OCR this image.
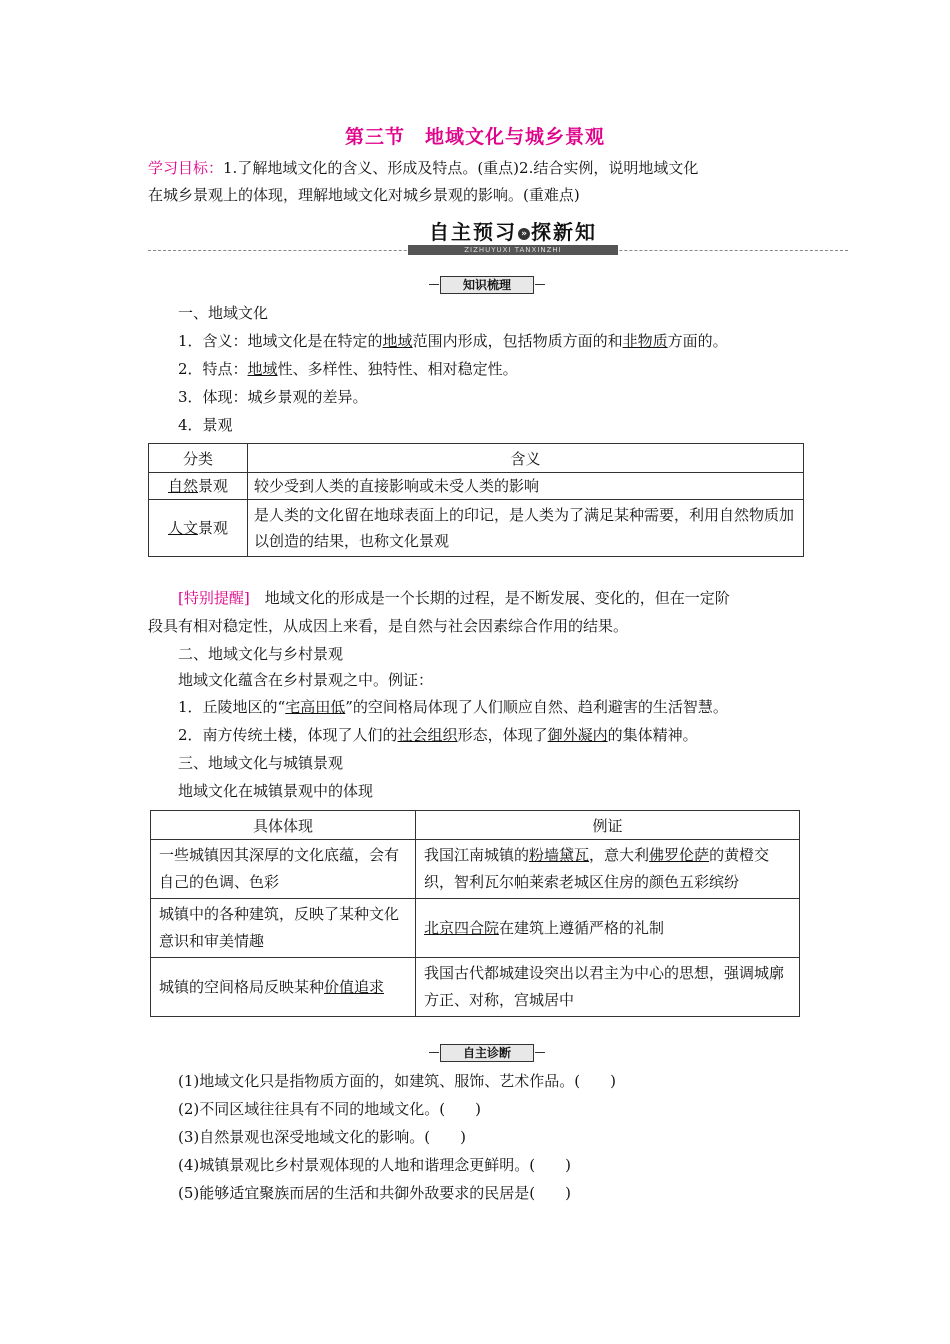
第三节　地域文化与城乡景观
学习目标：1.了解地域文化的含义、形成及特点。(重点)2.结合实例，说明地域文化
在城乡景观上的体现，理解地域文化对城乡景观的影响。(重难点)
自主预习 » 探新知
ZIZHUYUXI TANXINZHI
知识梳理
一、地域文化
1．含义：地域文化是在特定的地域范围内形成，包括物质方面的和非物质方面的。
2．特点：地域性、多样性、独特性、相对稳定性。
3．体现：城乡景观的差异。
4．景观
分类	含义
自然景观	较少受到人类的直接影响或未受人类的影响
人文景观	是人类的文化留在地球表面上的印记，是人类为了满足某种需要，利用自然物质加以创造的结果，也称文化景观
[特别提醒]　地域文化的形成是一个长期的过程，是不断发展、变化的，但在一定阶
段具有相对稳定性，从成因上来看，是自然与社会因素综合作用的结果。
二、地域文化与乡村景观
地域文化蕴含在乡村景观之中。例证：
1．丘陵地区的“宅高田低”的空间格局体现了人们顺应自然、趋利避害的生活智慧。
2．南方传统土楼，体现了人们的社会组织形态，体现了御外凝内的集体精神。
三、地域文化与城镇景观
地域文化在城镇景观中的体现
具体体现	例证
一些城镇因其深厚的文化底蕴，会有自己的色调、色彩	我国江南城镇的粉墙黛瓦，意大利佛罗伦萨的黄橙交织，智利瓦尔帕莱索老城区住房的颜色五彩缤纷
城镇中的各种建筑，反映了某种文化意识和审美情趣	北京四合院在建筑上遵循严格的礼制
城镇的空间格局反映某种价值追求	我国古代都城建设突出以君主为中心的思想，强调城廓方正、对称，宫城居中
自主诊断
(1)地域文化只是指物质方面的，如建筑、服饰、艺术作品。(　　)
(2)不同区域往往具有不同的地域文化。(　　)
(3)自然景观也深受地域文化的影响。(　　)
(4)城镇景观比乡村景观体现的人地和谐理念更鲜明。(　　)
(5)能够适宜聚族而居的生活和共御外敌要求的民居是(　　)
